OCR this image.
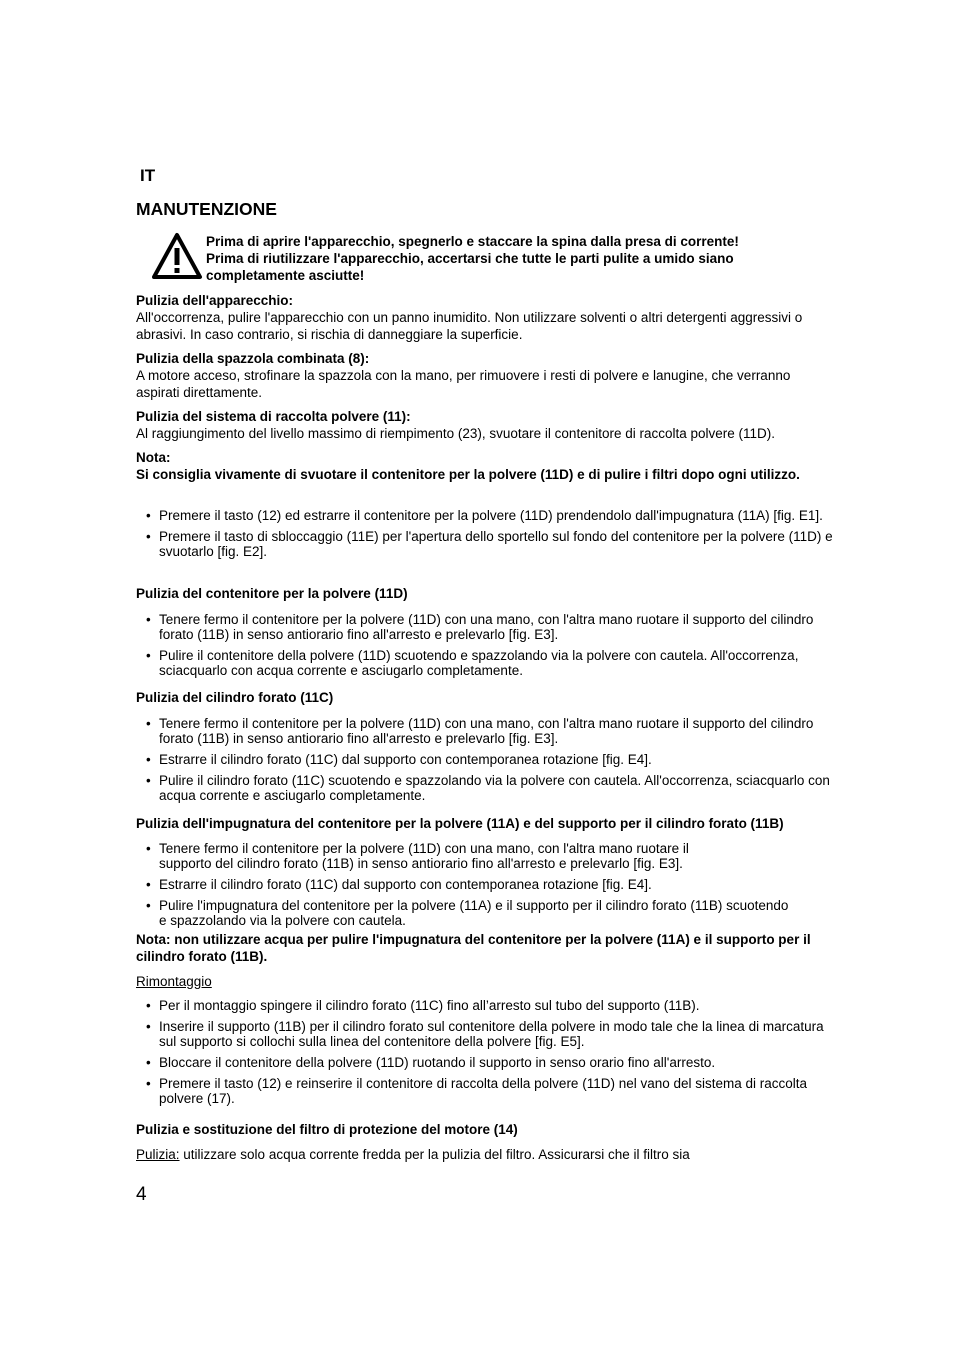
IT
MANUTENZIONE
Prima di aprire l'apparecchio, spegnerlo e staccare la spina dalla presa di corrente!
Prima di riutilizzare l'apparecchio, accertarsi che tutte le parti pulite a umido siano completamente asciutte!
Pulizia dell'apparecchio:
All'occorrenza, pulire l'apparecchio con un panno inumidito. Non utilizzare solventi o altri detergenti aggressivi o abrasivi. In caso contrario, si rischia di danneggiare la superficie.
Pulizia della spazzola combinata (8):
A motore acceso, strofinare la spazzola con la mano, per rimuovere i resti di polvere e lanugine, che verranno aspirati direttamente.
Pulizia del sistema di raccolta polvere (11):
Al raggiungimento del livello massimo di riempimento (23), svuotare il contenitore di raccolta polvere (11D).
Nota:
Si consiglia vivamente di svuotare il contenitore per la polvere (11D) e di pulire i filtri dopo ogni utilizzo.
• Premere il tasto (12) ed estrarre il contenitore per la polvere (11D) prendendolo dall'impugnatura (11A) [fig. E1].
• Premere il tasto di sbloccaggio (11E) per l'apertura dello sportello sul fondo del contenitore per la polvere (11D) e svuotarlo [fig. E2].
Pulizia del contenitore per la polvere (11D)
• Tenere fermo il contenitore per la polvere (11D) con una mano, con l'altra mano ruotare il supporto del cilindro forato (11B) in senso antiorario fino all'arresto e prelevarlo [fig. E3].
• Pulire il contenitore della polvere (11D) scuotendo e spazzolando via la polvere con cautela. All'occorrenza, sciacquarlo con acqua corrente e asciugarlo completamente.
Pulizia del cilindro forato (11C)
• Tenere fermo il contenitore per la polvere (11D) con una mano, con l'altra mano ruotare il supporto del cilindro forato (11B) in senso antiorario fino all'arresto e prelevarlo [fig. E3].
• Estrarre il cilindro forato (11C) dal supporto con contemporanea rotazione [fig. E4].
• Pulire il cilindro forato (11C) scuotendo e spazzolando via la polvere con cautela. All'occorrenza, sciacquarlo con acqua corrente e asciugarlo completamente.
Pulizia dell'impugnatura del contenitore per la polvere (11A) e del supporto per il cilindro forato (11B)
• Tenere fermo il contenitore per la polvere (11D) con una mano, con l'altra mano ruotare il supporto del cilindro forato (11B) in senso antiorario fino all'arresto e prelevarlo [fig. E3].
• Estrarre il cilindro forato (11C) dal supporto con contemporanea rotazione [fig. E4].
• Pulire l'impugnatura del contenitore per la polvere (11A) e il supporto per il cilindro forato (11B) scuotendo e spazzolando via la polvere con cautela.
Nota: non utilizzare acqua per pulire l'impugnatura del contenitore per la polvere (11A) e il supporto per il cilindro forato (11B).
Rimontaggio
• Per il montaggio spingere il cilindro forato (11C) fino all’arresto sul tubo del supporto (11B).
• Inserire il supporto (11B) per il cilindro forato sul contenitore della polvere in modo tale che la linea di marcatura sul supporto si collochi sulla linea del contenitore della polvere [fig. E5].
• Bloccare il contenitore della polvere (11D) ruotando il supporto in senso orario fino all'arresto.
• Premere il tasto (12) e reinserire il contenitore di raccolta della polvere (11D) nel vano del sistema di raccolta polvere (17).
Pulizia e sostituzione del filtro di protezione del motore (14)
Pulizia: utilizzare solo acqua corrente fredda per la pulizia del filtro. Assicurarsi che il filtro sia
4
